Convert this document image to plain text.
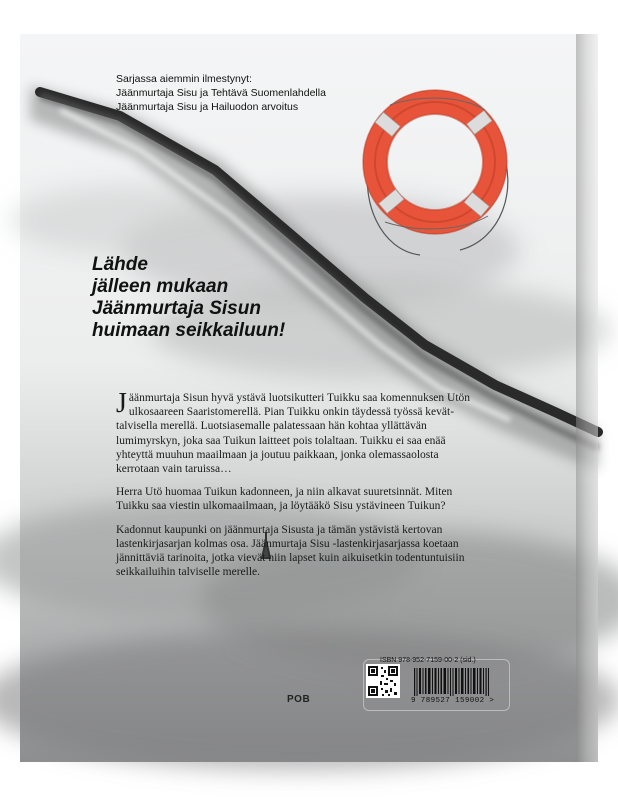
Sarjassa aiemmin ilmestynyt:
Jäänmurtaja Sisu ja Tehtävä Suomenlahdella
Jäänmurtaja Sisu ja Hailuodon arvoitus
Lähde
jälleen mukaan
Jäänmurtaja Sisun
huimaan seikkailuun!

Jäänmurtaja Sisun hyvä ystävä luotsikutteri Tuikku saa komennuksen Utön ulkosaareen Saaristomerellä. Pian Tuikku onkin täydessä työssä kevät-talvisella merellä. Luotsiasemalle palatessaan hän kohtaa yllättävän lumimyrskyn, joka saa Tuikun laitteet pois tolaltaan. Tuikku ei saa enää yhteyttä muuhun maailmaan ja joutuu paikkaan, jonka olemassaolosta kerrotaan vain taruissa…

Herra Utö huomaa Tuikun kadonneen, ja niin alkavat suuretsinnät. Miten Tuikku saa viestin ulkomaailmaan, ja löytääkö Sisu ystävineen Tuikun?

Kadonnut kaupunki on jäänmurtaja Sisusta ja tämän ystävistä kertovan lastenkirjasarjan kolmas osa. Jäänmurtaja Sisu -lastenkirjasarjassa koetaan jännittäviä tarinoita, jotka vievät niin lapset kuin aikuisetkin todentuntuisiin seikkailuihin talviselle merelle.

ISBN 978-952-7159-00-2 (sid.)
9 789527 159002 >
POB
